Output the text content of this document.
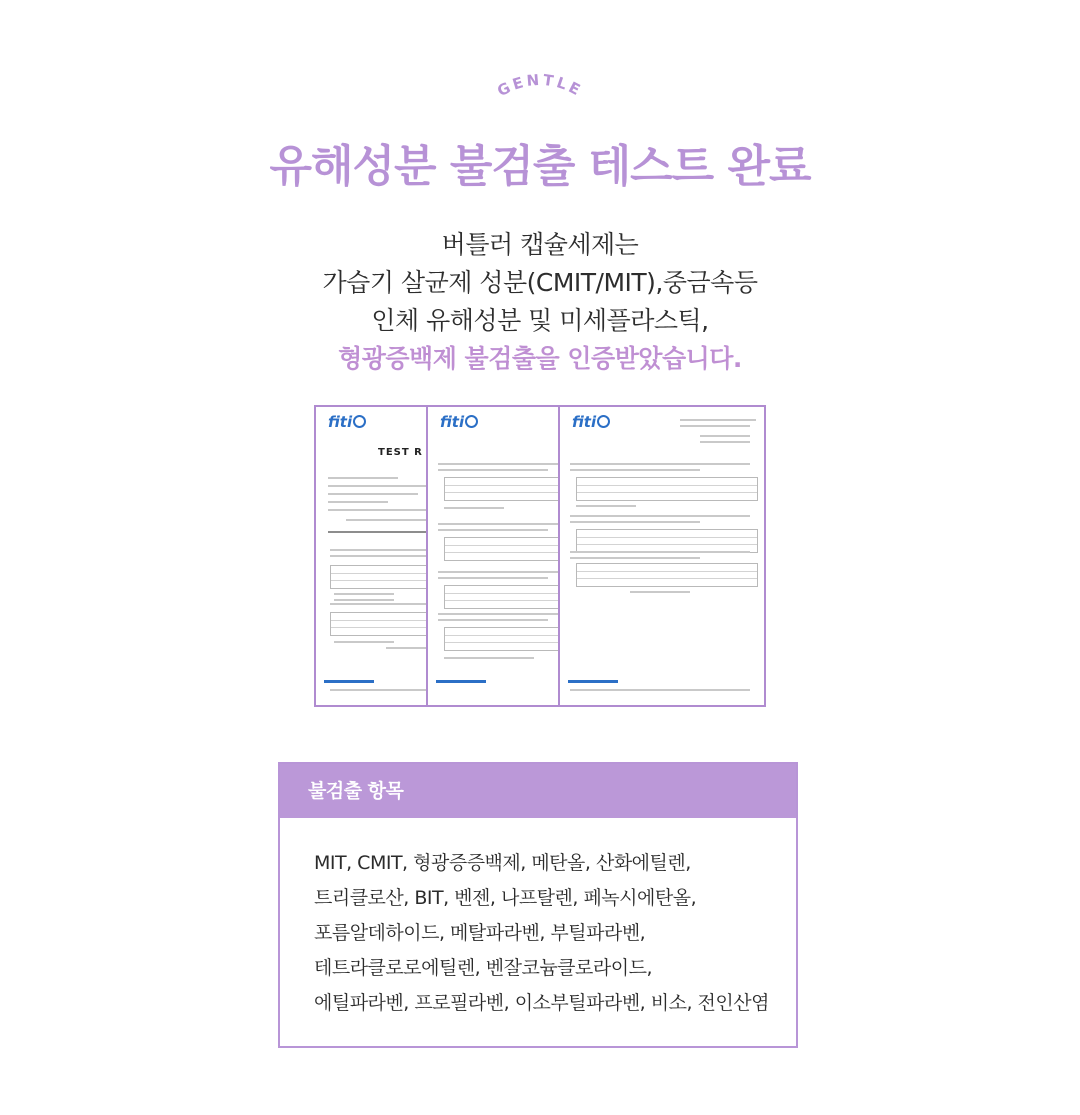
GENTLE
유해성분 불검출 테스트 완료
버틀러 캡슐세제는
가습기 살균제 성분(CMIT/MIT),중금속등
인체 유해성분 및 미세플라스틱,
형광증백제 불검출을 인증받았습니다.
fiti
TEST R
fiti	fiti
불검출 항목
MIT, CMIT, 형광증증백제, 메탄올, 산화에틸렌,
트리클로산, BIT, 벤젠, 나프탈렌, 페녹시에탄올,
포름알데하이드, 메탈파라벤, 부틸파라벤,
테트라클로로에틸렌, 벤잘코늄클로라이드,
에틸파라벤, 프로필라벤, 이소부틸파라벤, 비소, 전인산염
